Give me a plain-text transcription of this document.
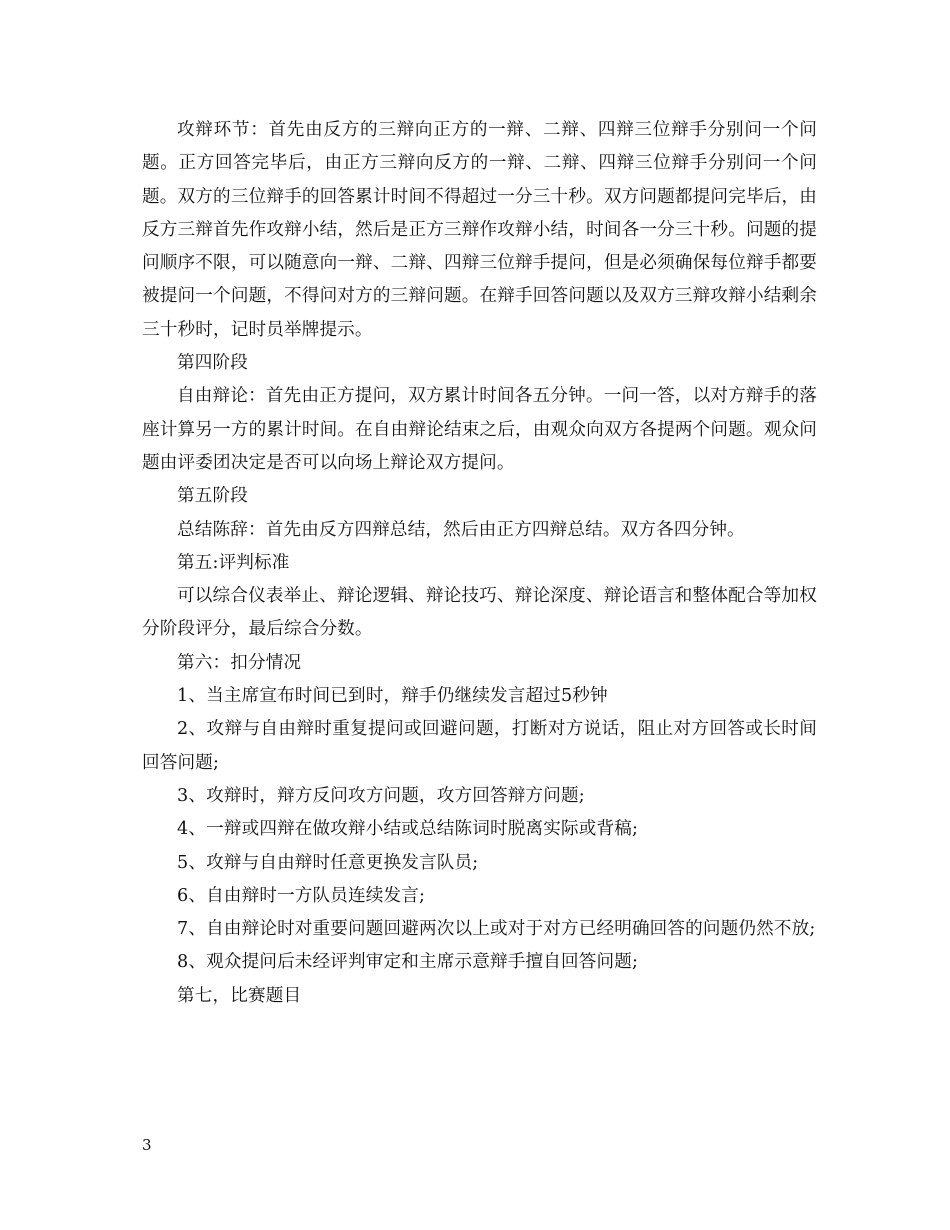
攻辩环节：首先由反方的三辩向正方的一辩、二辩、四辩三位辩手分别问一个问题。正方回答完毕后，由正方三辩向反方的一辩、二辩、四辩三位辩手分别问一个问题。双方的三位辩手的回答累计时间不得超过一分三十秒。双方问题都提问完毕后，由反方三辩首先作攻辩小结，然后是正方三辩作攻辩小结，时间各一分三十秒。问题的提问顺序不限，可以随意向一辩、二辩、四辩三位辩手提问，但是必须确保每位辩手都要被提问一个问题，不得问对方的三辩问题。在辩手回答问题以及双方三辩攻辩小结剩余三十秒时，记时员举牌提示。

第四阶段

自由辩论：首先由正方提问，双方累计时间各五分钟。一问一答，以对方辩手的落座计算另一方的累计时间。在自由辩论结束之后，由观众向双方各提两个问题。观众问题由评委团决定是否可以向场上辩论双方提问。

第五阶段

总结陈辞：首先由反方四辩总结，然后由正方四辩总结。双方各四分钟。

第五:评判标准

可以综合仪表举止、辩论逻辑、辩论技巧、辩论深度、辩论语言和整体配合等加权分阶段评分，最后综合分数。

第六：扣分情况

1、当主席宣布时间已到时，辩手仍继续发言超过5秒钟

2、攻辩与自由辩时重复提问或回避问题，打断对方说话，阻止对方回答或长时间回答问题;

3、攻辩时，辩方反问攻方问题，攻方回答辩方问题;

4、一辩或四辩在做攻辩小结或总结陈词时脱离实际或背稿;

5、攻辩与自由辩时任意更换发言队员;

6、自由辩时一方队员连续发言;

7、自由辩论时对重要问题回避两次以上或对于对方已经明确回答的问题仍然不放;

8、观众提问后未经评判审定和主席示意辩手擅自回答问题;

第七，比赛题目

3
